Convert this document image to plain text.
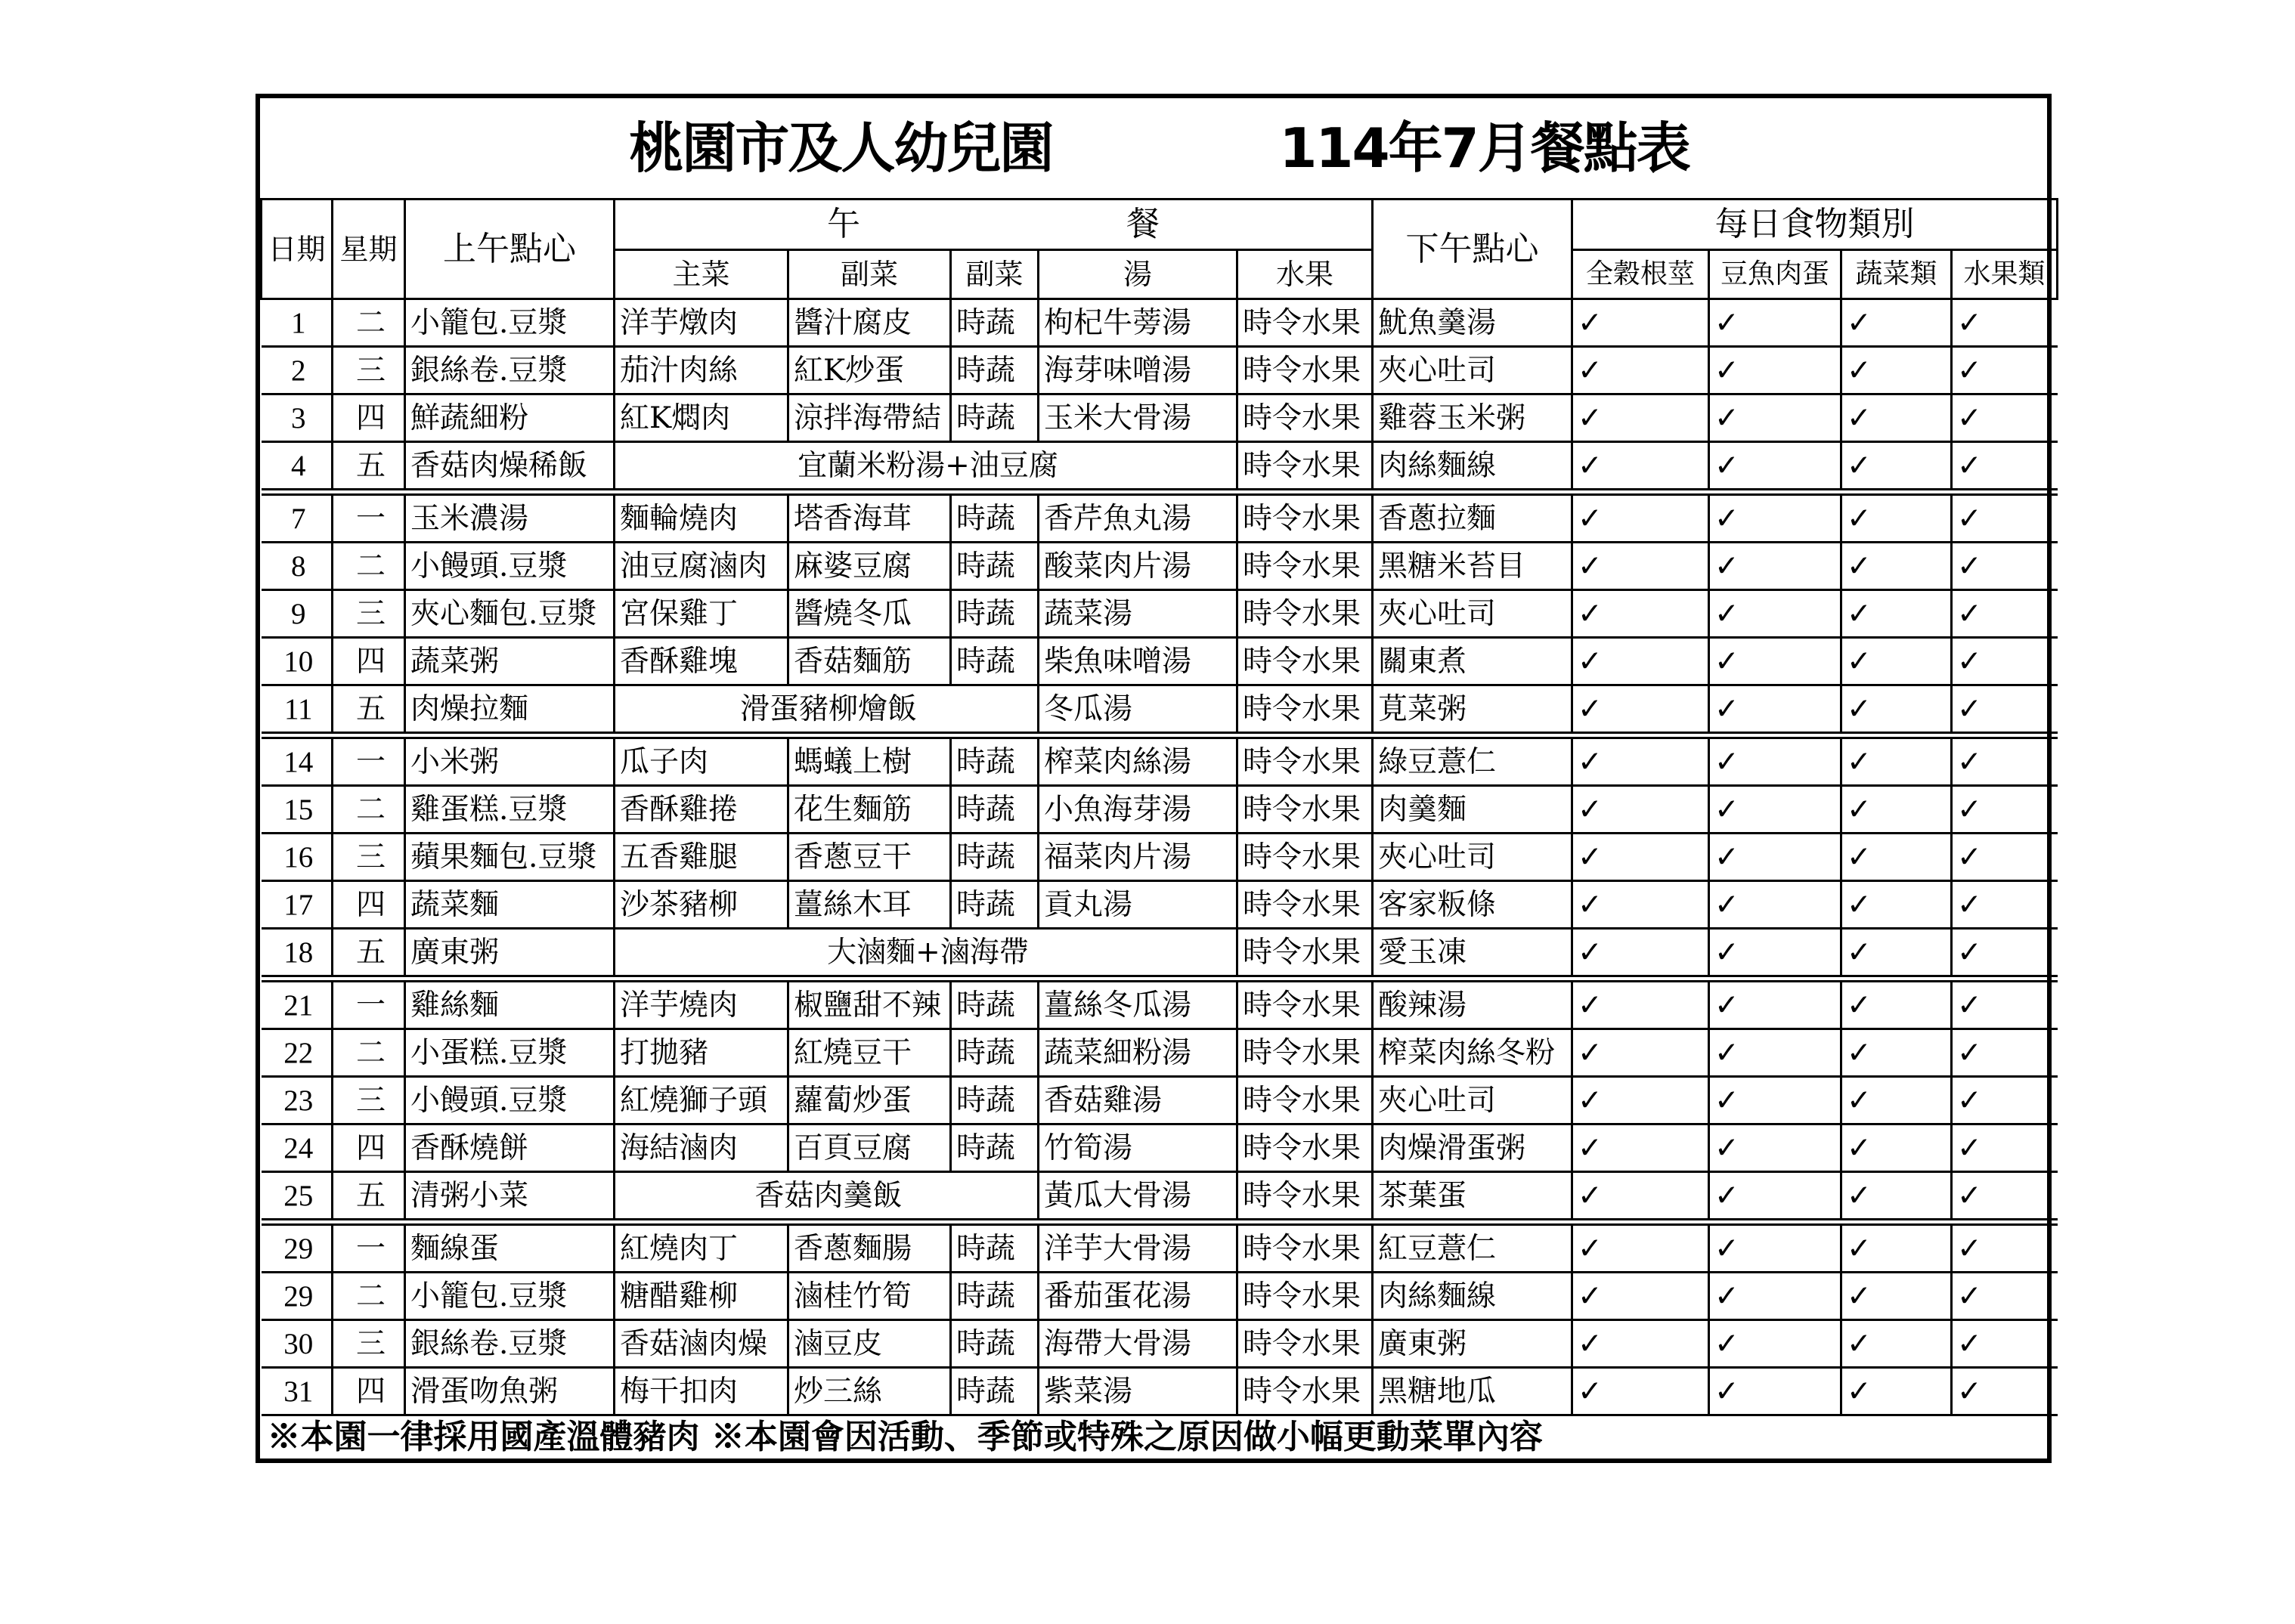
桃園市及人幼兒園 114年7月餐點表												

日期	星期	上午點心	午　　　　　　　　餐					下午點心	每日食物類別			
			主菜	副菜	副菜	湯	水果		全穀根莖	豆魚肉蛋	蔬菜類	水果類
1	二	小籠包.豆漿	洋芋燉肉	醬汁腐皮	時蔬	枸杞牛蒡湯	時令水果	魷魚羹湯	✓	✓	✓	✓
2	三	銀絲卷.豆漿	茄汁肉絲	紅K炒蛋	時蔬	海芽味噌湯	時令水果	夾心吐司	✓	✓	✓	✓
3	四	鮮蔬細粉	紅K燜肉	涼拌海帶結	時蔬	玉米大骨湯	時令水果	雞蓉玉米粥	✓	✓	✓	✓
4	五	香菇肉燥稀飯	宜蘭米粉湯+油豆腐				時令水果	肉絲麵線	✓	✓	✓	✓
7	一	玉米濃湯	麵輪燒肉	塔香海茸	時蔬	香芹魚丸湯	時令水果	香蔥拉麵	✓	✓	✓	✓
8	二	小饅頭.豆漿	油豆腐滷肉	麻婆豆腐	時蔬	酸菜肉片湯	時令水果	黑糖米苔目	✓	✓	✓	✓
9	三	夾心麵包.豆漿	宮保雞丁	醬燒冬瓜	時蔬	蔬菜湯	時令水果	夾心吐司	✓	✓	✓	✓
10	四	蔬菜粥	香酥雞塊	香菇麵筋	時蔬	柴魚味噌湯	時令水果	關東煮	✓	✓	✓	✓
11	五	肉燥拉麵	滑蛋豬柳燴飯			冬瓜湯	時令水果	莧菜粥	✓	✓	✓	✓
14	一	小米粥	瓜子肉	螞蟻上樹	時蔬	榨菜肉絲湯	時令水果	綠豆薏仁	✓	✓	✓	✓
15	二	雞蛋糕.豆漿	香酥雞捲	花生麵筋	時蔬	小魚海芽湯	時令水果	肉羹麵	✓	✓	✓	✓
16	三	蘋果麵包.豆漿	五香雞腿	香蔥豆干	時蔬	福菜肉片湯	時令水果	夾心吐司	✓	✓	✓	✓
17	四	蔬菜麵	沙茶豬柳	薑絲木耳	時蔬	貢丸湯	時令水果	客家粄條	✓	✓	✓	✓
18	五	廣東粥	大滷麵+滷海帶				時令水果	愛玉凍	✓	✓	✓	✓
21	一	雞絲麵	洋芋燒肉	椒鹽甜不辣	時蔬	薑絲冬瓜湯	時令水果	酸辣湯	✓	✓	✓	✓
22	二	小蛋糕.豆漿	打拋豬	紅燒豆干	時蔬	蔬菜細粉湯	時令水果	榨菜肉絲冬粉	✓	✓	✓	✓
23	三	小饅頭.豆漿	紅燒獅子頭	蘿蔔炒蛋	時蔬	香菇雞湯	時令水果	夾心吐司	✓	✓	✓	✓
24	四	香酥燒餅	海結滷肉	百頁豆腐	時蔬	竹筍湯	時令水果	肉燥滑蛋粥	✓	✓	✓	✓
25	五	清粥小菜	香菇肉羹飯			黃瓜大骨湯	時令水果	茶葉蛋	✓	✓	✓	✓
29	一	麵線蛋	紅燒肉丁	香蔥麵腸	時蔬	洋芋大骨湯	時令水果	紅豆薏仁	✓	✓	✓	✓
29	二	小籠包.豆漿	糖醋雞柳	滷桂竹筍	時蔬	番茄蛋花湯	時令水果	肉絲麵線	✓	✓	✓	✓
30	三	銀絲卷.豆漿	香菇滷肉燥	滷豆皮	時蔬	海帶大骨湯	時令水果	廣東粥	✓	✓	✓	✓
31	四	滑蛋吻魚粥	梅干扣肉	炒三絲	時蔬	紫菜湯	時令水果	黑糖地瓜	✓	✓	✓	✓
※本園一律採用國產溫體豬肉 ※本園會因活動、季節或特殊之原因做小幅更動菜單內容												
